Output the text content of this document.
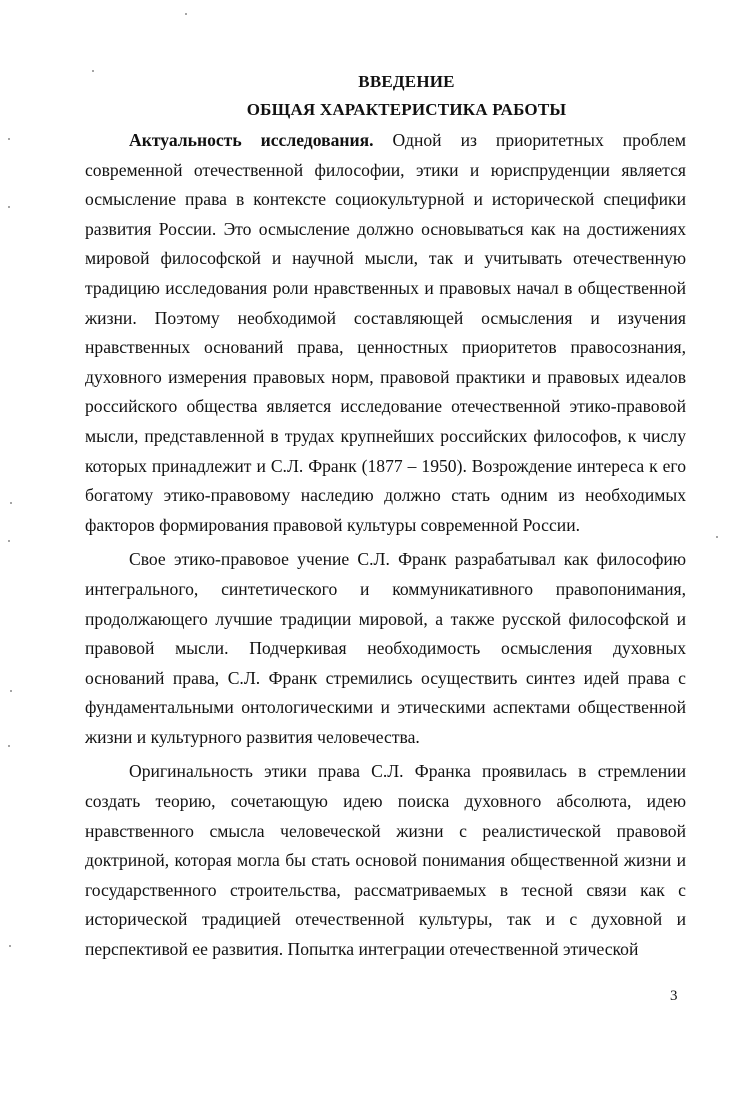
ВВЕДЕНИЕ
ОБЩАЯ ХАРАКТЕРИСТИКА РАБОТЫ

Актуальность исследования. Одной из приоритетных проблем современной отечественной философии, этики и юриспруденции является осмысление права в контексте социокультурной и исторической специфики развития России. Это осмысление должно основываться как на достижениях мировой философской и научной мысли, так и учитывать отечественную традицию исследования роли нравственных и правовых начал в общественной жизни. Поэтому необходимой составляющей осмысления и изучения нравственных оснований права, ценностных приоритетов правосознания, духовного измерения правовых норм, правовой практики и правовых идеалов российского общества является исследование отечественной этико-правовой мысли, представленной в трудах крупнейших российских философов, к числу которых принадлежит и С.Л. Франк (1877 – 1950). Возрождение интереса к его богатому этико-правовому наследию должно стать одним из необходимых факторов формирования правовой культуры современной России.

Свое этико-правовое учение С.Л. Франк разрабатывал как философию интегрального, синтетического и коммуникативного правопонимания, продолжающего лучшие традиции мировой, а также русской философской и правовой мысли. Подчеркивая необходимость осмысления духовных оснований права, С.Л. Франк стремились осуществить синтез идей права с фундаментальными онтологическими и этическими аспектами общественной жизни и культурного развития человечества.

Оригинальность этики права С.Л. Франка проявилась в стремлении создать теорию, сочетающую идею поиска духовного абсолюта, идею нравственного смысла человеческой жизни с реалистической правовой доктриной, которая могла бы стать основой понимания общественной жизни и государственного строительства, рассматриваемых в тесной связи как с исторической традицией отечественной культуры, так и с духовной и перспективой ее развития. Попытка интеграции отечественной этической

3
